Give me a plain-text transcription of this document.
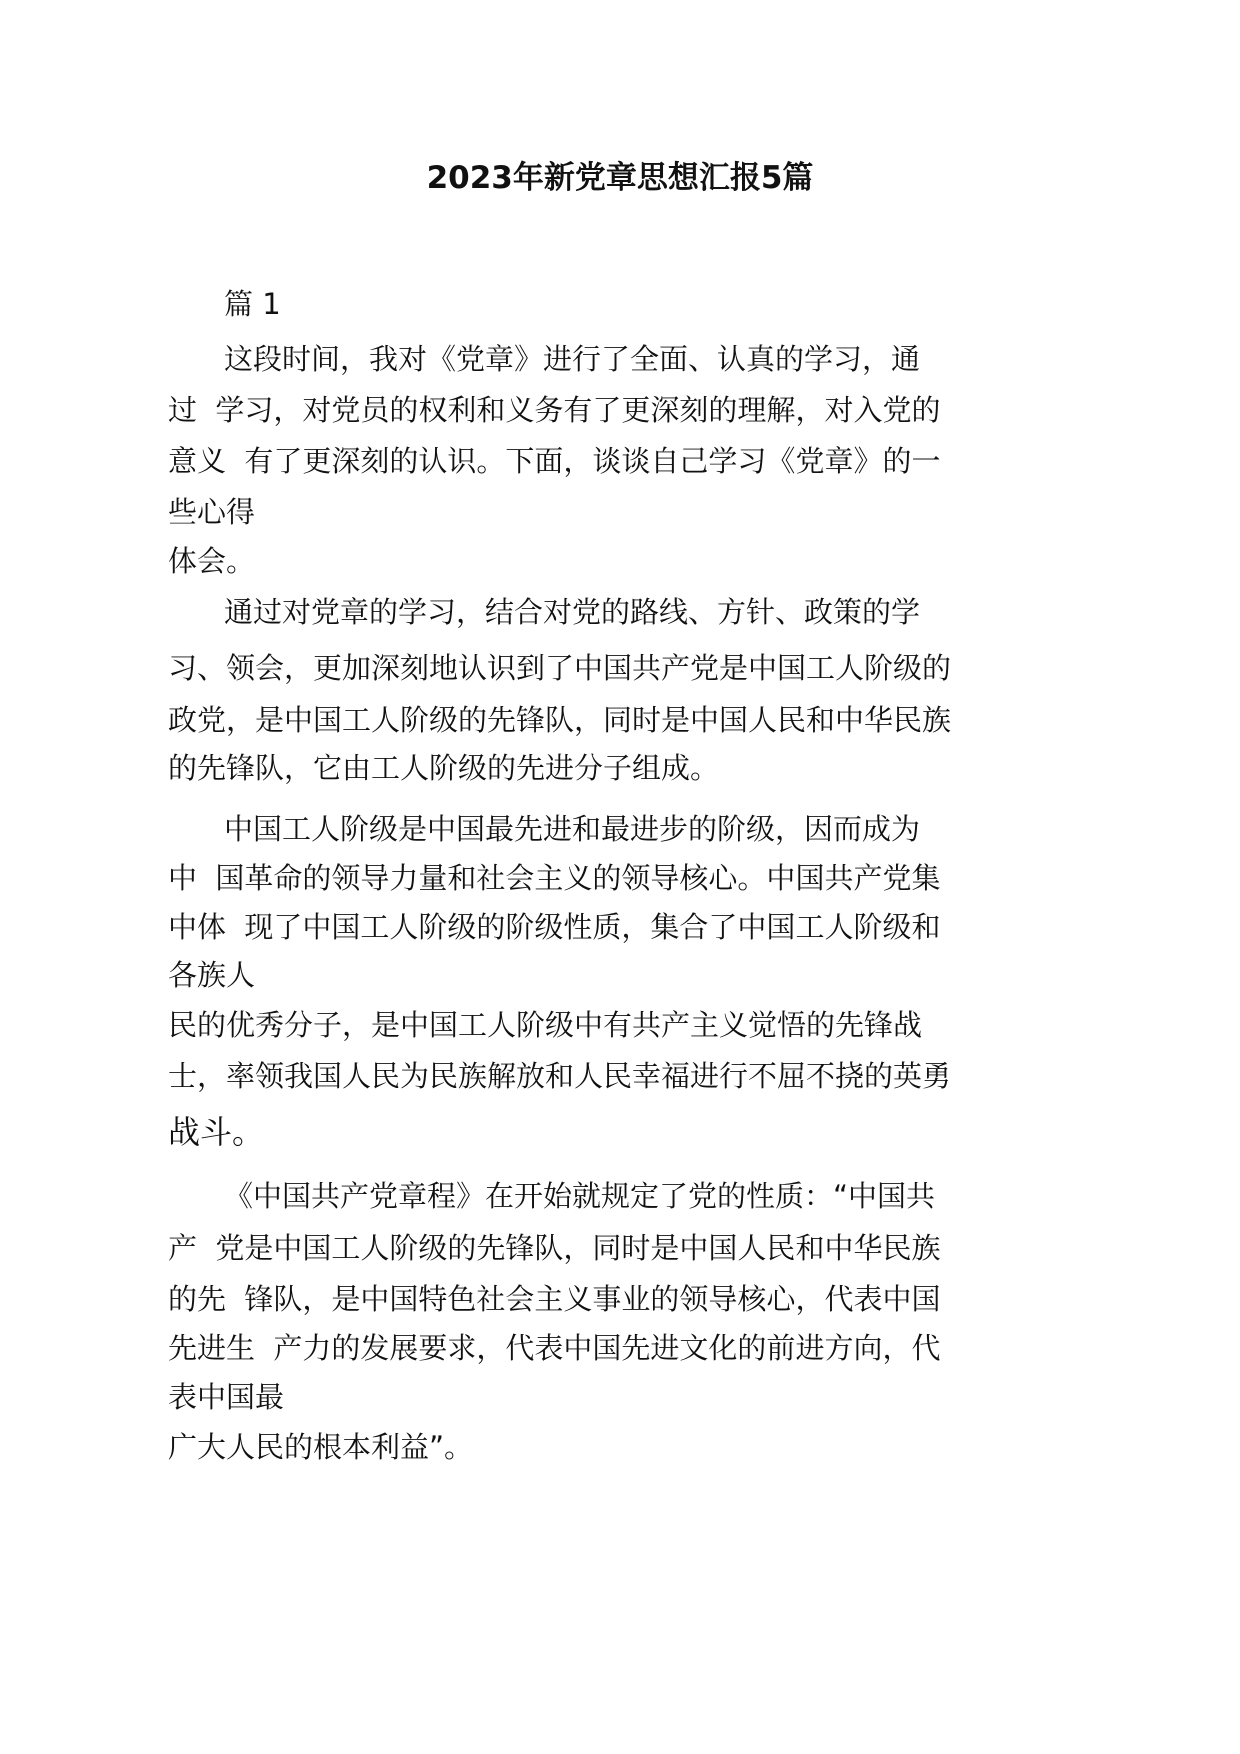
2023年新党章思想汇报5篇

篇 1

这段时间，我对《党章》进行了全面、认真的学习，通

过  学习，对党员的权利和义务有了更深刻的理解，对入党的

意义  有了更深刻的认识。下面，谈谈自己学习《党章》的一

些心得

体会。

通过对党章的学习，结合对党的路线、方针、政策的学

习、领会，更加深刻地认识到了中国共产党是中国工人阶级的

政党，是中国工人阶级的先锋队，同时是中国人民和中华民族

的先锋队，它由工人阶级的先进分子组成。

中国工人阶级是中国最先进和最进步的阶级，因而成为

中  国革命的领导力量和社会主义的领导核心。中国共产党集

中体  现了中国工人阶级的阶级性质，集合了中国工人阶级和

各族人

民的优秀分子，是中国工人阶级中有共产主义觉悟的先锋战

士，率领我国人民为民族解放和人民幸福进行不屈不挠的英勇

战斗。

《中国共产党章程》在开始就规定了党的性质：“中国共

产  党是中国工人阶级的先锋队，同时是中国人民和中华民族

的先  锋队，是中国特色社会主义事业的领导核心，代表中国

先进生  产力的发展要求，代表中国先进文化的前进方向，代

表中国最

广大人民的根本利益”。
